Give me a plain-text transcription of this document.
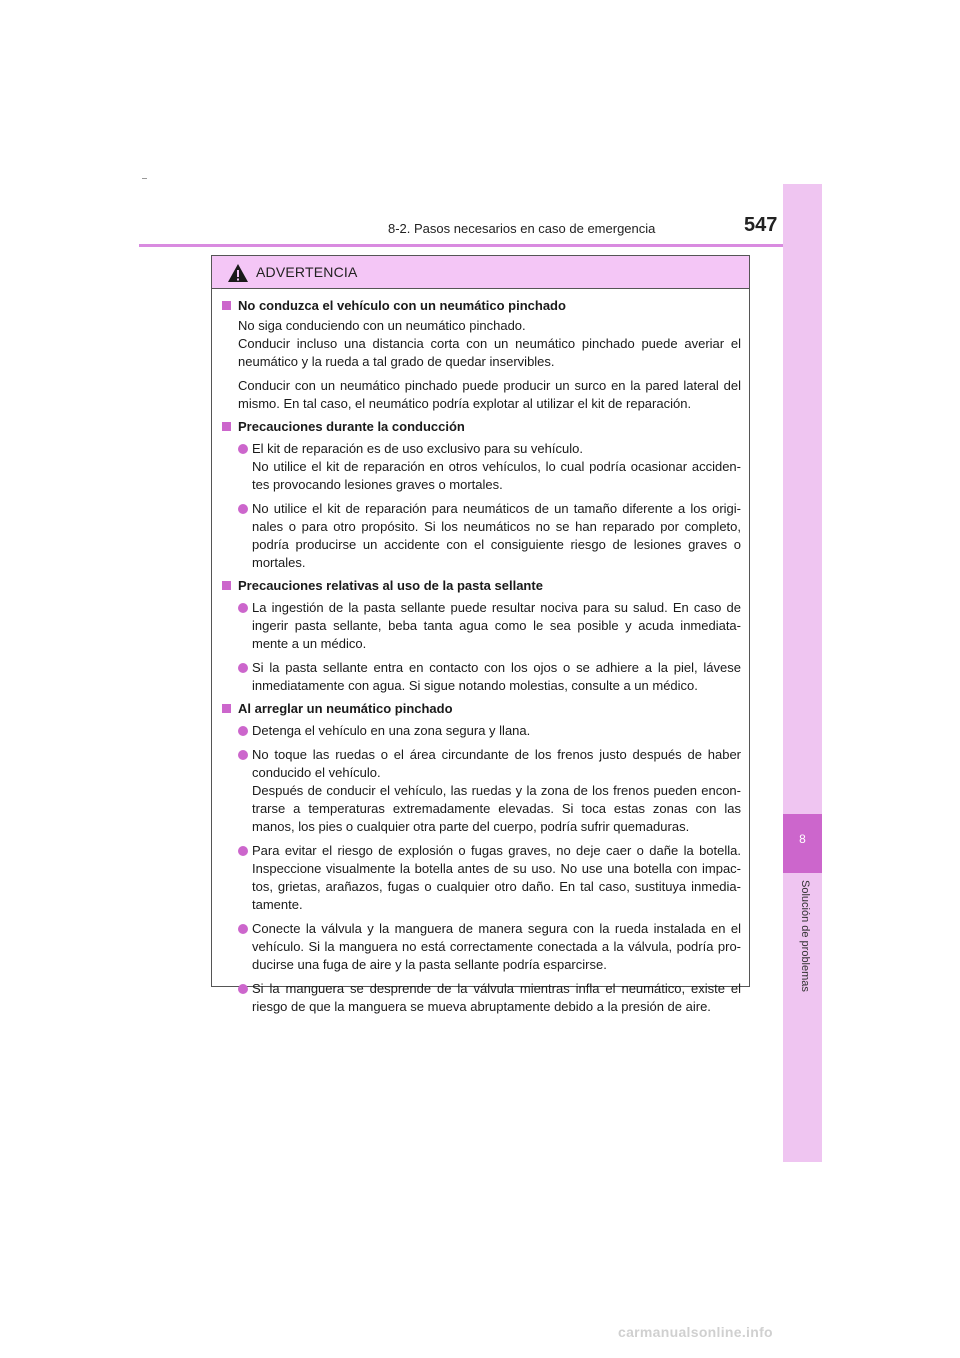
8-2. Pasos necesarios en caso de emergencia	547
8
Solución de problemas
ADVERTENCIA
No conduzca el vehículo con un neumático pinchado
No siga conduciendo con un neumático pinchado.
Conducir incluso una distancia corta con un neumático pinchado puede averiar el neumático y la rueda a tal grado de quedar inservibles.
Conducir con un neumático pinchado puede producir un surco en la pared lateral del mismo. En tal caso, el neumático podría explotar al utilizar el kit de reparación.
Precauciones durante la conducción
El kit de reparación es de uso exclusivo para su vehículo.
No utilice el kit de reparación en otros vehículos, lo cual podría ocasionar acciden-tes provocando lesiones graves o mortales.
No utilice el kit de reparación para neumáticos de un tamaño diferente a los origi-nales o para otro propósito. Si los neumáticos no se han reparado por completo, podría producirse un accidente con el consiguiente riesgo de lesiones graves o mortales.
Precauciones relativas al uso de la pasta sellante
La ingestión de la pasta sellante puede resultar nociva para su salud. En caso de ingerir pasta sellante, beba tanta agua como le sea posible y acuda inmediata-mente a un médico.
Si la pasta sellante entra en contacto con los ojos o se adhiere a la piel, lávese inmediatamente con agua. Si sigue notando molestias, consulte a un médico.
Al arreglar un neumático pinchado
Detenga el vehículo en una zona segura y llana.
No toque las ruedas o el área circundante de los frenos justo después de haber conducido el vehículo.
Después de conducir el vehículo, las ruedas y la zona de los frenos pueden encon-trarse a temperaturas extremadamente elevadas. Si toca estas zonas con las manos, los pies o cualquier otra parte del cuerpo, podría sufrir quemaduras.
Para evitar el riesgo de explosión o fugas graves, no deje caer o dañe la botella. Inspeccione visualmente la botella antes de su uso. No use una botella con impac-tos, grietas, arañazos, fugas o cualquier otro daño. En tal caso, sustituya inmedia-tamente.
Conecte la válvula y la manguera de manera segura con la rueda instalada en el vehículo. Si la manguera no está correctamente conectada a la válvula, podría pro-ducirse una fuga de aire y la pasta sellante podría esparcirse.
Si la manguera se desprende de la válvula mientras infla el neumático, existe el riesgo de que la manguera se mueva abruptamente debido a la presión de aire.
carmanualsonline.info
